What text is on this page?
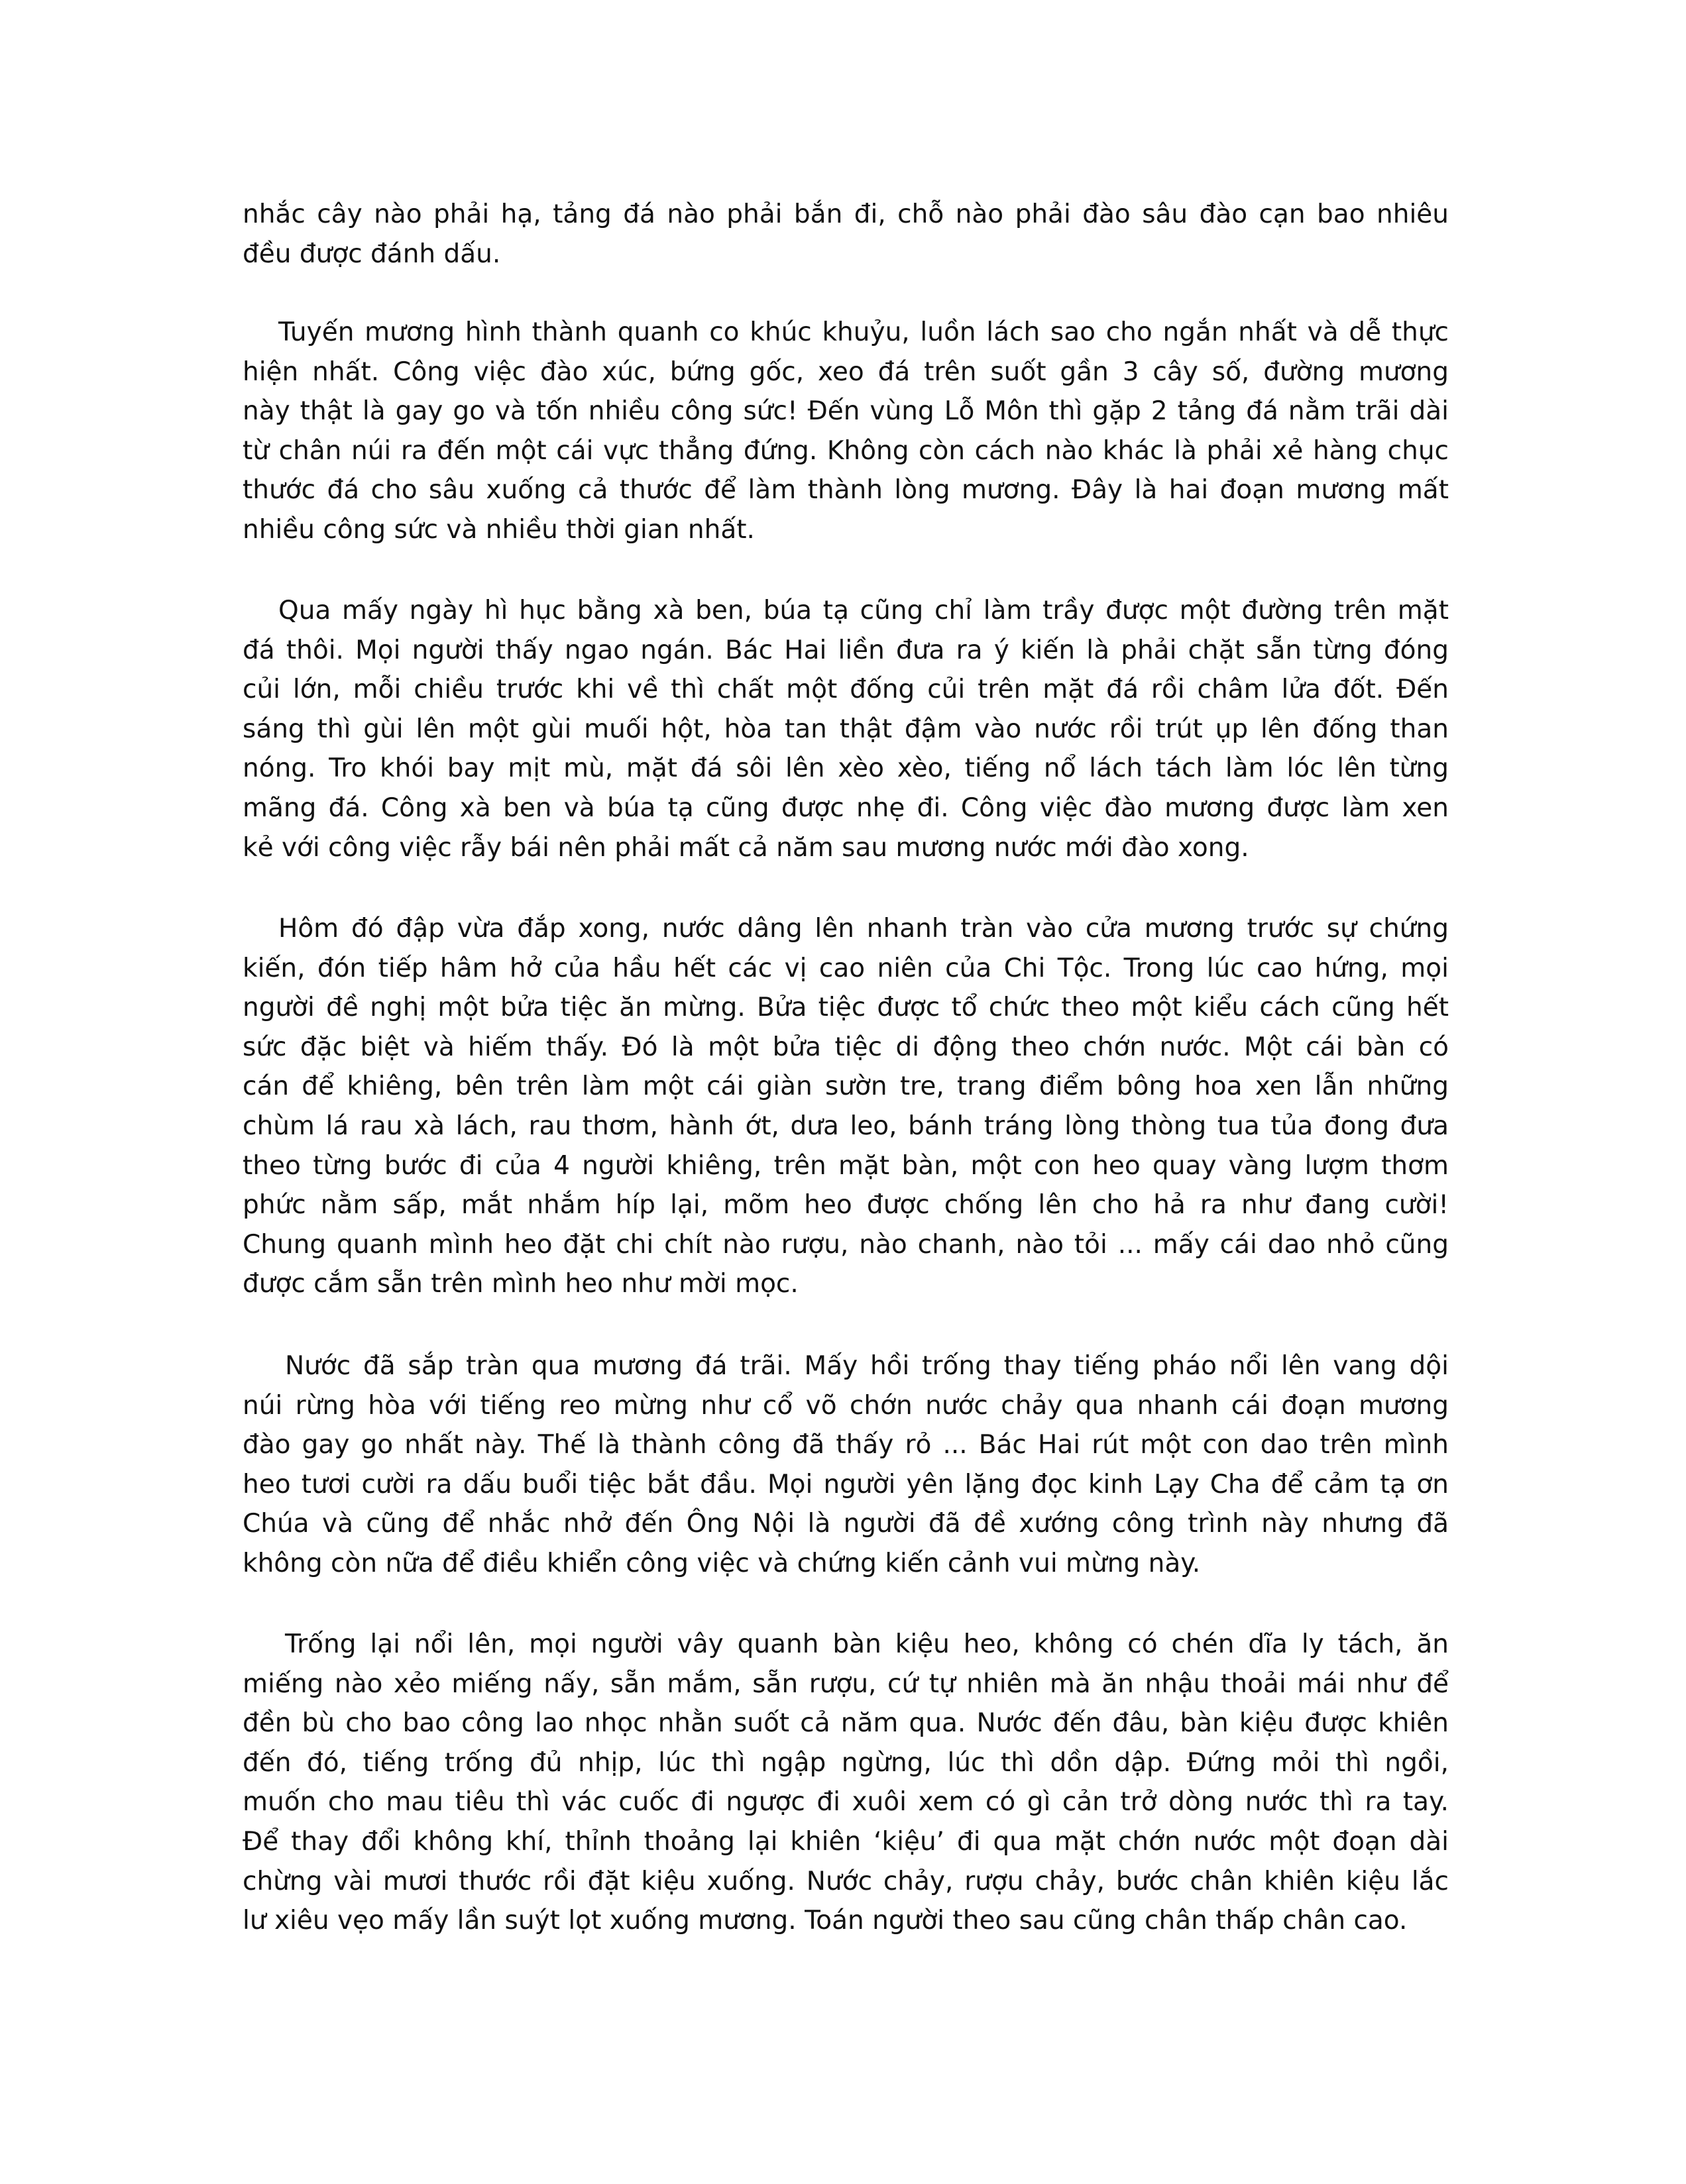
nhắc cây nào phải hạ, tảng đá nào phải bắn đi, chỗ nào phải đào sâu đào cạn bao nhiêu
đều được đánh dấu.
Tuyến mương hình thành quanh co khúc khuỷu, luồn lách sao cho ngắn nhất và dễ thực
hiện nhất. Công việc đào xúc, bứng gốc, xeo đá trên suốt gần 3 cây số, đường mương
này thật là gay go và tốn nhiều công sức! Đến vùng Lỗ Môn thì gặp 2 tảng đá nằm trãi dài
từ chân núi ra đến một cái vực thẳng đứng. Không còn cách nào khác là phải xẻ hàng chục
thước đá cho sâu xuống cả thước để làm thành lòng mương. Đây là hai đoạn mương mất
nhiều công sức và nhiều thời gian nhất.
Qua mấy ngày hì hục bằng xà ben, búa tạ cũng chỉ làm trầy được một đường trên mặt
đá thôi. Mọi người thấy ngao ngán. Bác Hai liền đưa ra ý kiến là phải chặt sẵn từng đóng
củi lớn, mỗi chiều trước khi về thì chất một đống củi trên mặt đá rồi châm lửa đốt. Đến
sáng thì gùi lên một gùi muối hột, hòa tan thật đậm vào nước rồi trút ụp lên đống than
nóng. Tro khói bay mịt mù, mặt đá sôi lên xèo xèo, tiếng nổ lách tách làm lóc lên từng
mãng đá. Công xà ben và búa tạ cũng được nhẹ đi. Công việc đào mương được làm xen
kẻ với công việc rẫy bái nên phải mất cả năm sau mương nước mới đào xong.
Hôm đó đập vừa đắp xong, nước dâng lên nhanh tràn vào cửa mương trước sự chứng
kiến, đón tiếp hâm hở của hầu hết các vị cao niên của Chi Tộc. Trong lúc cao hứng, mọi
người đề nghị một bửa tiệc ăn mừng. Bửa tiệc được tổ chức theo một kiểu cách cũng hết
sức đặc biệt và hiếm thấy. Đó là một bửa tiệc di động theo chớn nước. Một cái bàn có
cán để khiêng, bên trên làm một cái giàn sườn tre, trang điểm bông hoa xen lẫn những
chùm lá rau xà lách, rau thơm, hành ớt, dưa leo, bánh tráng lòng thòng tua tủa đong đưa
theo từng bước đi của 4 người khiêng, trên mặt bàn, một con heo quay vàng lượm thơm
phức nằm sấp, mắt nhắm híp lại, mõm heo được chống lên cho hả ra như đang cười!
Chung quanh mình heo đặt chi chít nào rượu, nào chanh, nào tỏi ... mấy cái dao nhỏ cũng
được cắm sẵn trên mình heo như mời mọc.
Nước đã sắp tràn qua mương đá trãi. Mấy hồi trống thay tiếng pháo nổi lên vang dội
núi rừng hòa với tiếng reo mừng như cổ võ chớn nước chảy qua nhanh cái đoạn mương
đào gay go nhất này. Thế là thành công đã thấy rỏ ... Bác Hai rút một con dao trên mình
heo tươi cười ra dấu buổi tiệc bắt đầu. Mọi người yên lặng đọc kinh Lạy Cha để cảm tạ ơn
Chúa và cũng để nhắc nhở đến Ông Nội là người đã đề xướng công trình này nhưng đã
không còn nữa để điều khiển công việc và chứng kiến cảnh vui mừng này.
Trống lại nổi lên, mọi người vây quanh bàn kiệu heo, không có chén dĩa ly tách, ăn
miếng nào xẻo miếng nấy, sẵn mắm, sẵn rượu, cứ tự nhiên mà ăn nhậu thoải mái như để
đền bù cho bao công lao nhọc nhằn suốt cả năm qua. Nước đến đâu, bàn kiệu được khiên
đến đó, tiếng trống đủ nhịp, lúc thì ngập ngừng, lúc thì dồn dập. Đứng mỏi thì ngồi,
muốn cho mau tiêu thì vác cuốc đi ngược đi xuôi xem có gì cản trở dòng nước thì ra tay.
Để thay đổi không khí, thỉnh thoảng lại khiên ‘kiệu’ đi qua mặt chớn nước một đoạn dài
chừng vài mươi thước rồi đặt kiệu xuống. Nước chảy, rượu chảy, bước chân khiên kiệu lắc
lư xiêu vẹo mấy lần suýt lọt xuống mương. Toán người theo sau cũng chân thấp chân cao.
